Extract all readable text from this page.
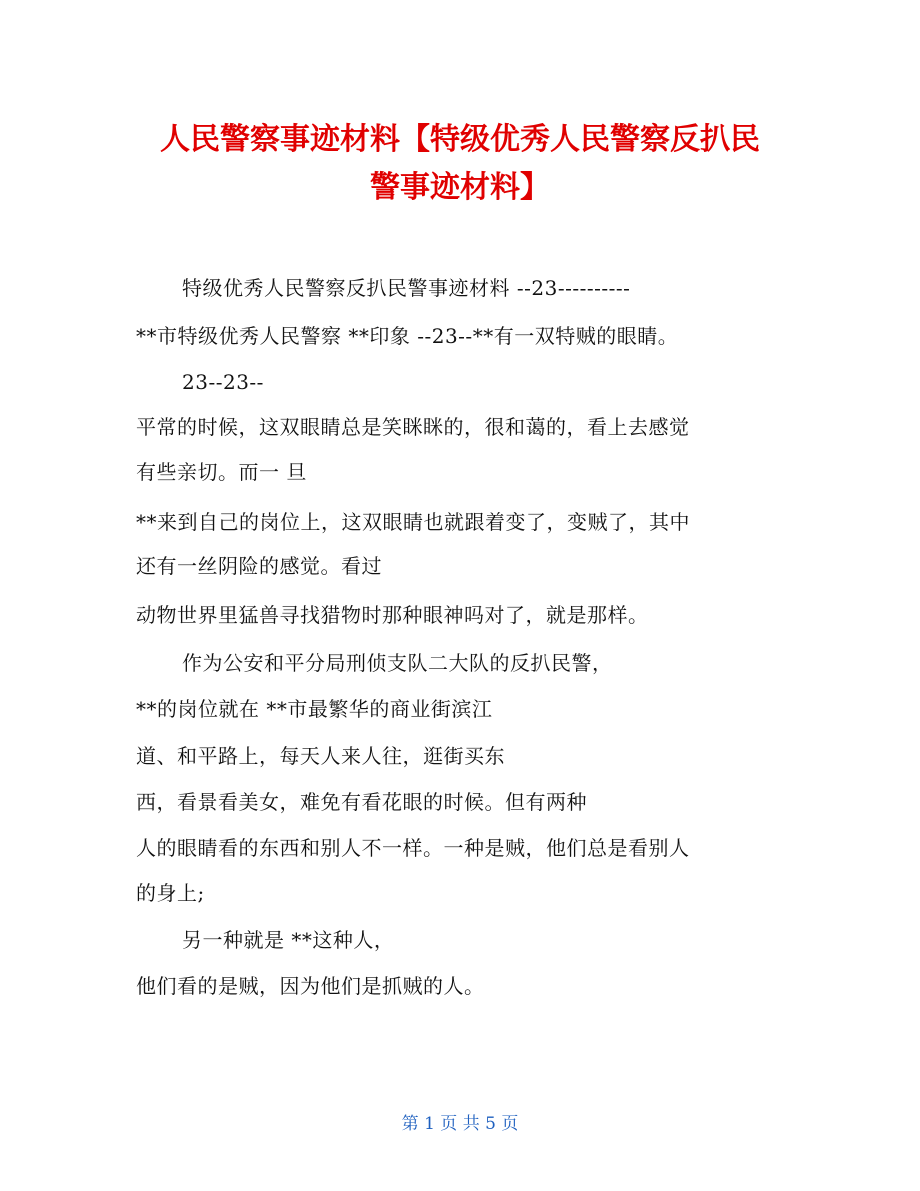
人民警察事迹材料【特级优秀人民警察反扒民
警事迹材料】
特级优秀人民警察反扒民警事迹材料 --23----------
**市特级优秀人民警察 **印象 --23--**有一双特贼的眼睛。
23--23--
平常的时候，这双眼睛总是笑眯眯的，很和蔼的，看上去感觉
有些亲切。而一 旦
**来到自己的岗位上，这双眼睛也就跟着变了，变贼了，其中
还有一丝阴险的感觉。看过
动物世界里猛兽寻找猎物时那种眼神吗对了，就是那样。
作为公安和平分局刑侦支队二大队的反扒民警，
**的岗位就在 **市最繁华的商业街滨江
道、和平路上，每天人来人往，逛街买东
西，看景看美女，难免有看花眼的时候。但有两种
人的眼睛看的东西和别人不一样。一种是贼，他们总是看别人
的身上;
另一种就是 **这种人，
他们看的是贼，因为他们是抓贼的人。
第 1 页 共 5 页
